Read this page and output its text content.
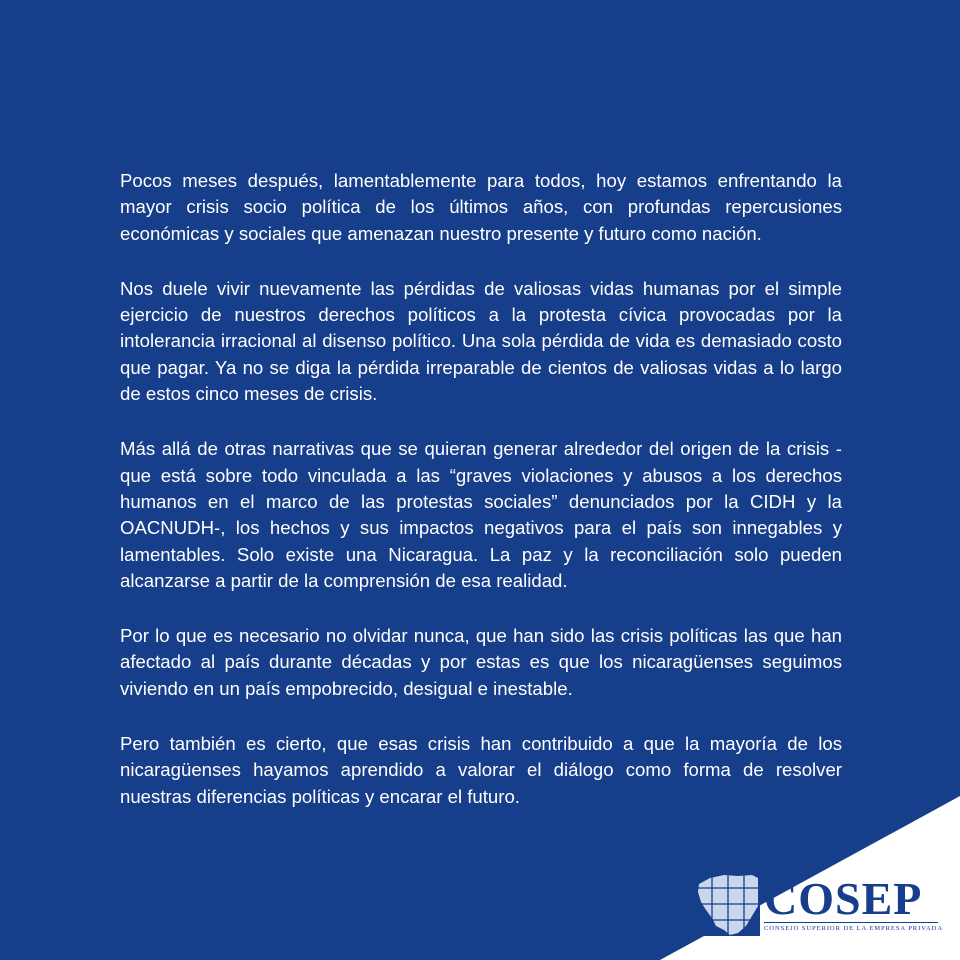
Pocos meses después, lamentablemente para todos, hoy estamos enfrentando la mayor crisis socio política de los últimos años, con profundas repercusiones económicas y sociales que amenazan nuestro presente y futuro como nación.

Nos duele vivir nuevamente las pérdidas de valiosas vidas humanas por el simple ejercicio de nuestros derechos políticos a la protesta cívica provocadas por la intolerancia irracional al disenso político. Una sola pérdida de vida es demasiado costo que pagar. Ya no se diga la pérdida irreparable de cientos de valiosas vidas a lo largo de estos cinco meses de crisis.

Más allá de otras narrativas que se quieran generar alrededor del origen de la crisis -que está sobre todo vinculada a las “graves violaciones y abusos a los derechos humanos en el marco de las protestas sociales” denunciados por la CIDH y la OACNUDH-, los hechos y sus impactos negativos para el país son innegables y lamentables. Solo existe una Nicaragua. La paz y la reconciliación solo pueden alcanzarse a partir de la comprensión de esa realidad.

Por lo que es necesario no olvidar nunca, que han sido las crisis políticas las que han afectado al país durante décadas y por estas es que los nicaragüenses seguimos viviendo en un país empobrecido, desigual e inestable.

Pero también es cierto, que esas crisis han contribuido a que la mayoría de los nicaragüenses hayamos aprendido a valorar el diálogo como forma de resolver nuestras diferencias políticas y encarar el futuro.

COSEP
CONSEJO SUPERIOR DE LA EMPRESA PRIVADA
